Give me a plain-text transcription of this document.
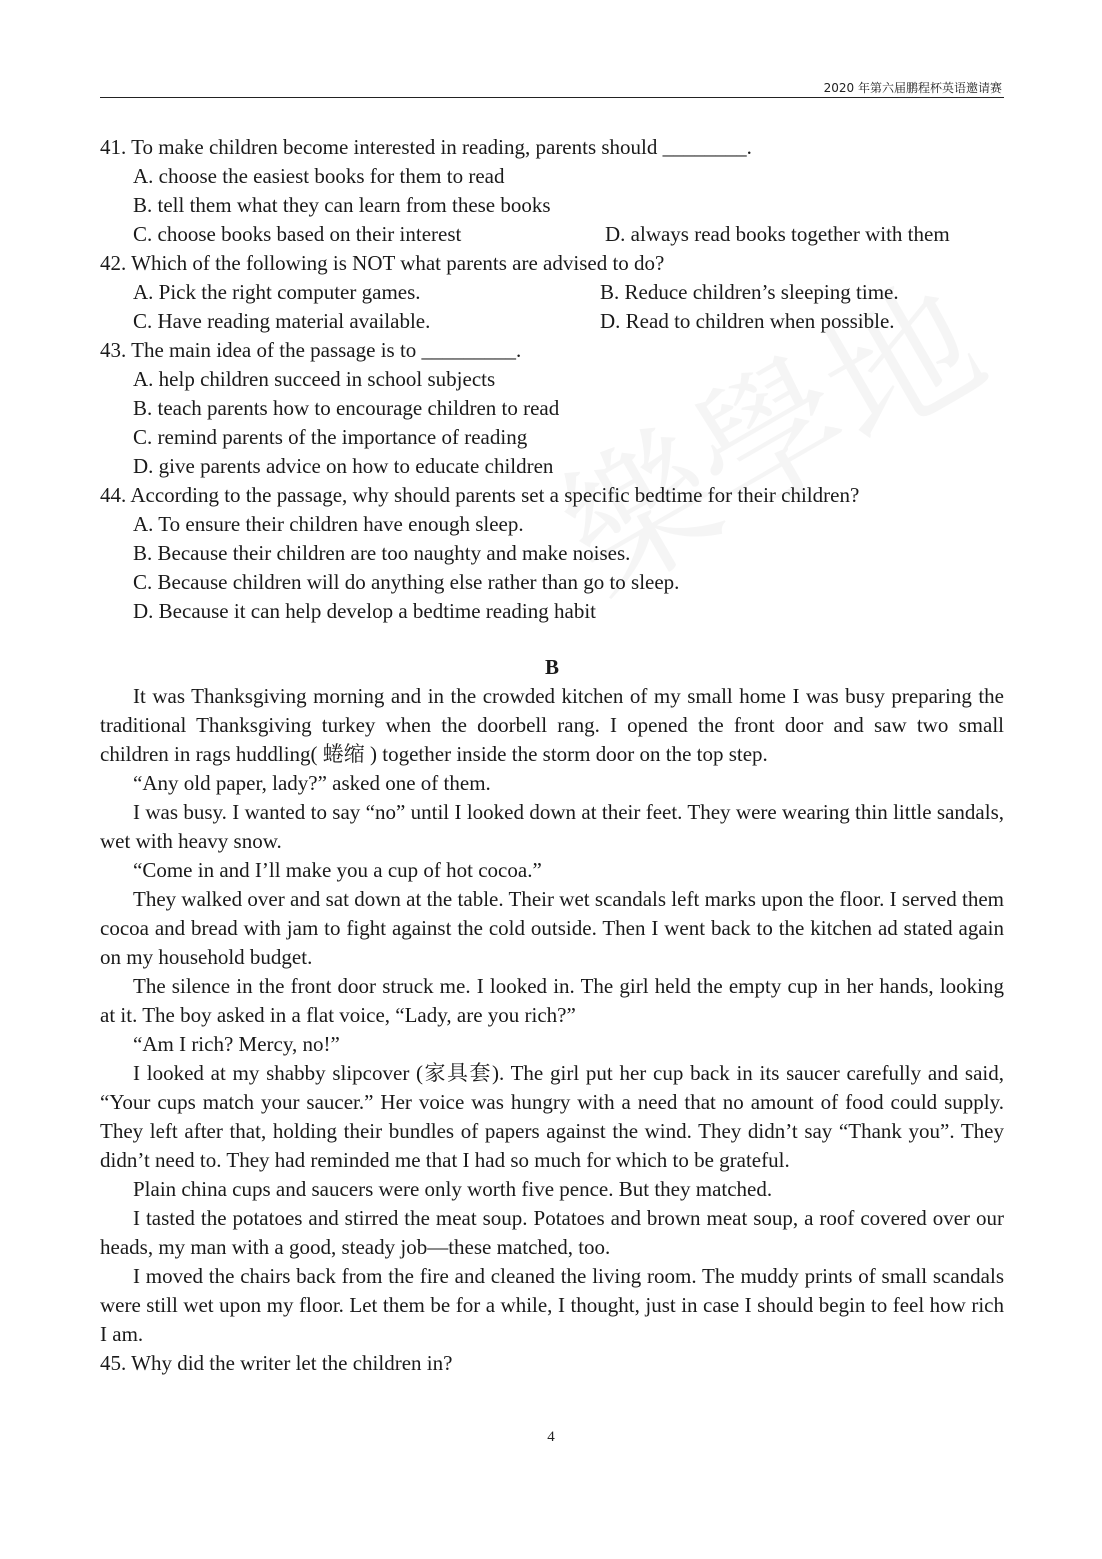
2020 年第六届鹏程杯英语邀请赛
41. To make children become interested in reading, parents should ________.
A. choose the easiest books for them to read
B. tell them what they can learn from these books
C. choose books based on their interest	D. always read books together with them
42. Which of the following is NOT what parents are advised to do?
A. Pick the right computer games.	B. Reduce children’s sleeping time.
C. Have reading material available.	D. Read to children when possible.
43. The main idea of the passage is to _________.
A. help children succeed in school subjects
B. teach parents how to encourage children to read
C. remind parents of the importance of reading
D. give parents advice on how to educate children
44. According to the passage, why should parents set a specific bedtime for their children?
A. To ensure their children have enough sleep.
B. Because their children are too naughty and make noises.
C. Because children will do anything else rather than go to sleep.
D. Because it can help develop a bedtime reading habit
B

It was Thanksgiving morning and in the crowded kitchen of my small home I was busy preparing the traditional Thanksgiving turkey when the doorbell rang. I opened the front door and saw two small children in rags huddling( 蜷缩 ) together inside the storm door on the top step.

“Any old paper, lady?” asked one of them.

I was busy. I wanted to say “no” until I looked down at their feet. They were wearing thin little sandals, wet with heavy snow.

“Come in and I’ll make you a cup of hot cocoa.”

They walked over and sat down at the table. Their wet scandals left marks upon the floor. I served them cocoa and bread with jam to fight against the cold outside. Then I went back to the kitchen ad stated again on my household budget.

The silence in the front door struck me. I looked in. The girl held the empty cup in her hands, looking at it. The boy asked in a flat voice, “Lady, are you rich?”

“Am I rich? Mercy, no!”

I looked at my shabby slipcover (家具套). The girl put her cup back in its saucer carefully and said, “Your cups match your saucer.” Her voice was hungry with a need that no amount of food could supply. They left after that, holding their bundles of papers against the wind. They didn’t say “Thank you”. They didn’t need to. They had reminded me that I had so much for which to be grateful.

Plain china cups and saucers were only worth five pence. But they matched.

I tasted the potatoes and stirred the meat soup. Potatoes and brown meat soup, a roof covered over our heads, my man with a good, steady job—these matched, too.

I moved the chairs back from the fire and cleaned the living room. The muddy prints of small scandals were still wet upon my floor. Let them be for a while, I thought, just in case I should begin to feel how rich I am.

45. Why did the writer let the children in?
4
